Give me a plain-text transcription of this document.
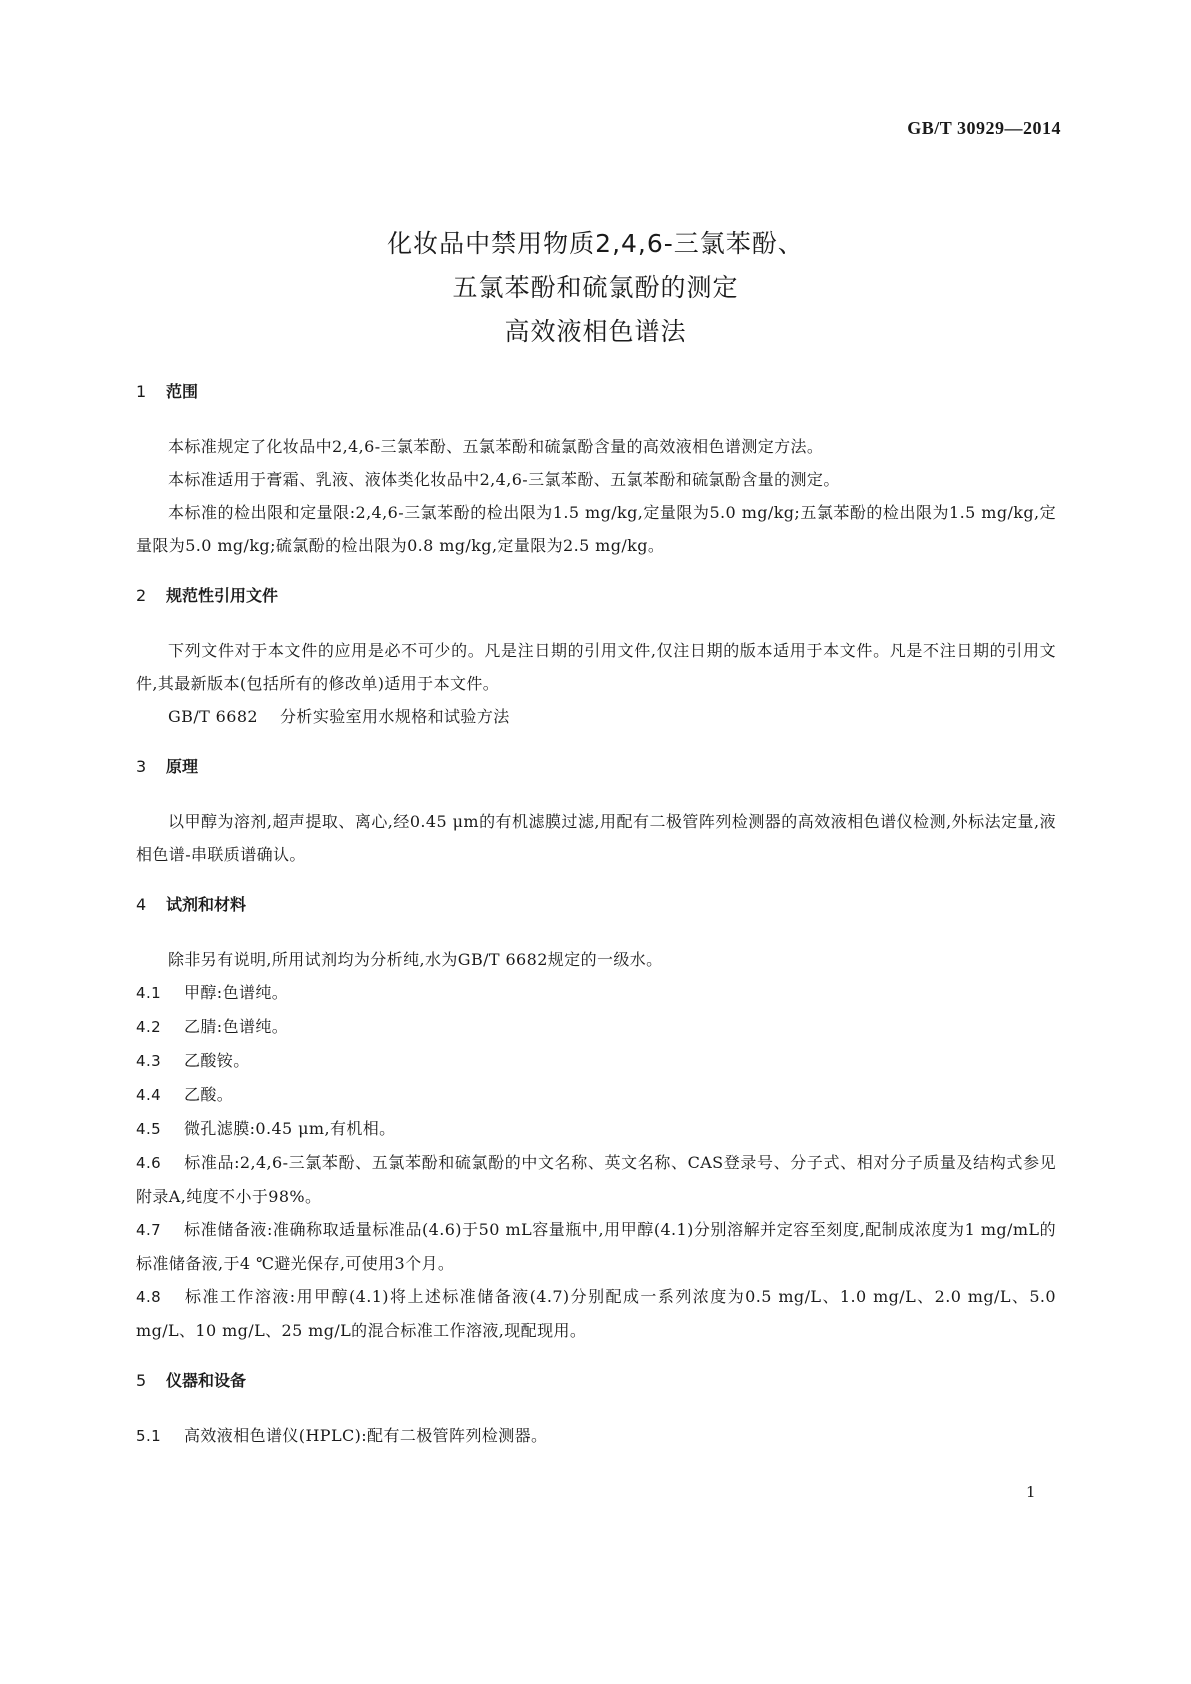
GB/T 30929—2014
化妆品中禁用物质2,4,6-三氯苯酚、
五氯苯酚和硫氯酚的测定
高效液相色谱法
1 范围
本标准规定了化妆品中2,4,6-三氯苯酚、五氯苯酚和硫氯酚含量的高效液相色谱测定方法。
本标准适用于膏霜、乳液、液体类化妆品中2,4,6-三氯苯酚、五氯苯酚和硫氯酚含量的测定。
本标准的检出限和定量限:2,4,6-三氯苯酚的检出限为1.5 mg/kg,定量限为5.0 mg/kg;五氯苯酚的检出限为1.5 mg/kg,定量限为5.0 mg/kg;硫氯酚的检出限为0.8 mg/kg,定量限为2.5 mg/kg。
2 规范性引用文件
下列文件对于本文件的应用是必不可少的。凡是注日期的引用文件,仅注日期的版本适用于本文件。凡是不注日期的引用文件,其最新版本(包括所有的修改单)适用于本文件。
GB/T 6682 分析实验室用水规格和试验方法
3 原理
以甲醇为溶剂,超声提取、离心,经0.45 μm的有机滤膜过滤,用配有二极管阵列检测器的高效液相色谱仪检测,外标法定量,液相色谱-串联质谱确认。
4 试剂和材料
除非另有说明,所用试剂均为分析纯,水为GB/T 6682规定的一级水。
4.1 甲醇:色谱纯。
4.2 乙腈:色谱纯。
4.3 乙酸铵。
4.4 乙酸。
4.5 微孔滤膜:0.45 μm,有机相。
4.6 标准品:2,4,6-三氯苯酚、五氯苯酚和硫氯酚的中文名称、英文名称、CAS登录号、分子式、相对分子质量及结构式参见附录A,纯度不小于98%。
4.7 标准储备液:准确称取适量标准品(4.6)于50 mL容量瓶中,用甲醇(4.1)分别溶解并定容至刻度,配制成浓度为1 mg/mL的标准储备液,于4 ℃避光保存,可使用3个月。
4.8 标准工作溶液:用甲醇(4.1)将上述标准储备液(4.7)分别配成一系列浓度为0.5 mg/L、1.0 mg/L、2.0 mg/L、5.0 mg/L、10 mg/L、25 mg/L的混合标准工作溶液,现配现用。
5 仪器和设备
5.1 高效液相色谱仪(HPLC):配有二极管阵列检测器。
1
